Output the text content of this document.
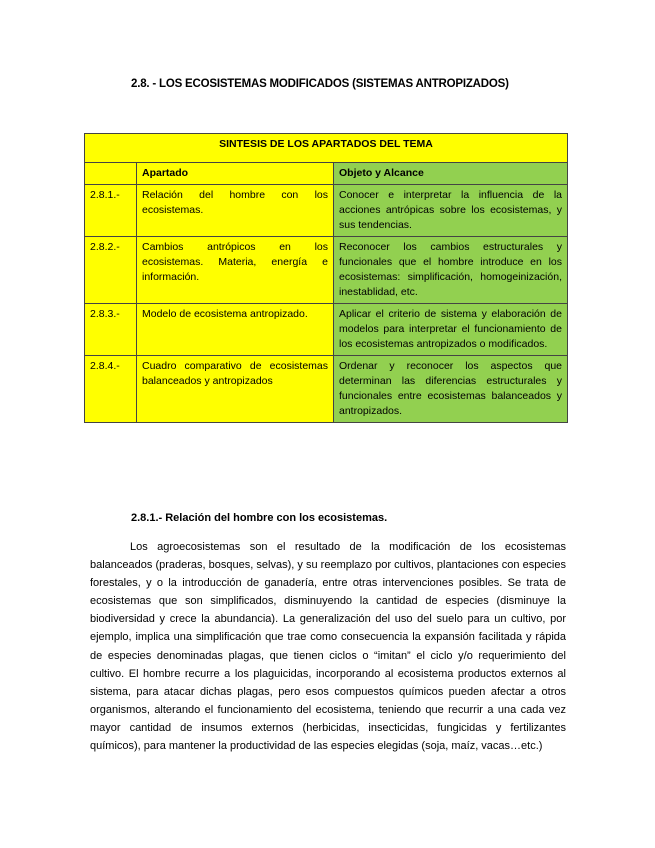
2.8. - LOS ECOSISTEMAS MODIFICADOS (SISTEMAS ANTROPIZADOS)
SINTESIS DE LOS APARTADOS DEL TEMA		
	Apartado	Objeto y Alcance
2.8.1.-	Relación del hombre con los ecosistemas.	Conocer e interpretar la influencia de la acciones antrópicas sobre los ecosistemas, y sus tendencias.
2.8.2.-	Cambios antrópicos en los ecosistemas. Materia, energía e información.	Reconocer los cambios estructurales y funcionales que el hombre introduce en los ecosistemas: simplificación, homogeinización, inestablidad, etc.
2.8.3.-	Modelo de ecosistema antropizado.	Aplicar el criterio de sistema y elaboración de modelos para interpretar el funcionamiento de los ecosistemas antropizados o modificados.
2.8.4.-	Cuadro comparativo de ecosistemas balanceados y antropizados	Ordenar y reconocer los aspectos que determinan las diferencias estructurales y funcionales entre ecosistemas balanceados y antropizados.
2.8.1.- Relación del hombre con los ecosistemas.

Los agroecosistemas son el resultado de la modificación de los ecosistemas balanceados (praderas, bosques, selvas), y su reemplazo por cultivos, plantaciones con especies forestales, y o la introducción de ganadería, entre otras intervenciones posibles. Se trata de ecosistemas que son simplificados, disminuyendo la cantidad de especies (disminuye la biodiversidad y crece la abundancia). La generalización del uso del suelo para un cultivo, por ejemplo, implica una simplificación que trae como consecuencia la expansión facilitada y rápida de especies denominadas plagas, que tienen ciclos o “imitan” el ciclo y/o requerimiento del cultivo. El hombre recurre a los plaguicidas, incorporando al ecosistema productos externos al sistema, para atacar dichas plagas, pero esos compuestos químicos pueden afectar a otros organismos, alterando el funcionamiento del ecosistema, teniendo que recurrir a una cada vez mayor cantidad de insumos externos (herbicidas, insecticidas, fungicidas y fertilizantes químicos), para mantener la productividad de las especies elegidas (soja, maíz, vacas…etc.)
